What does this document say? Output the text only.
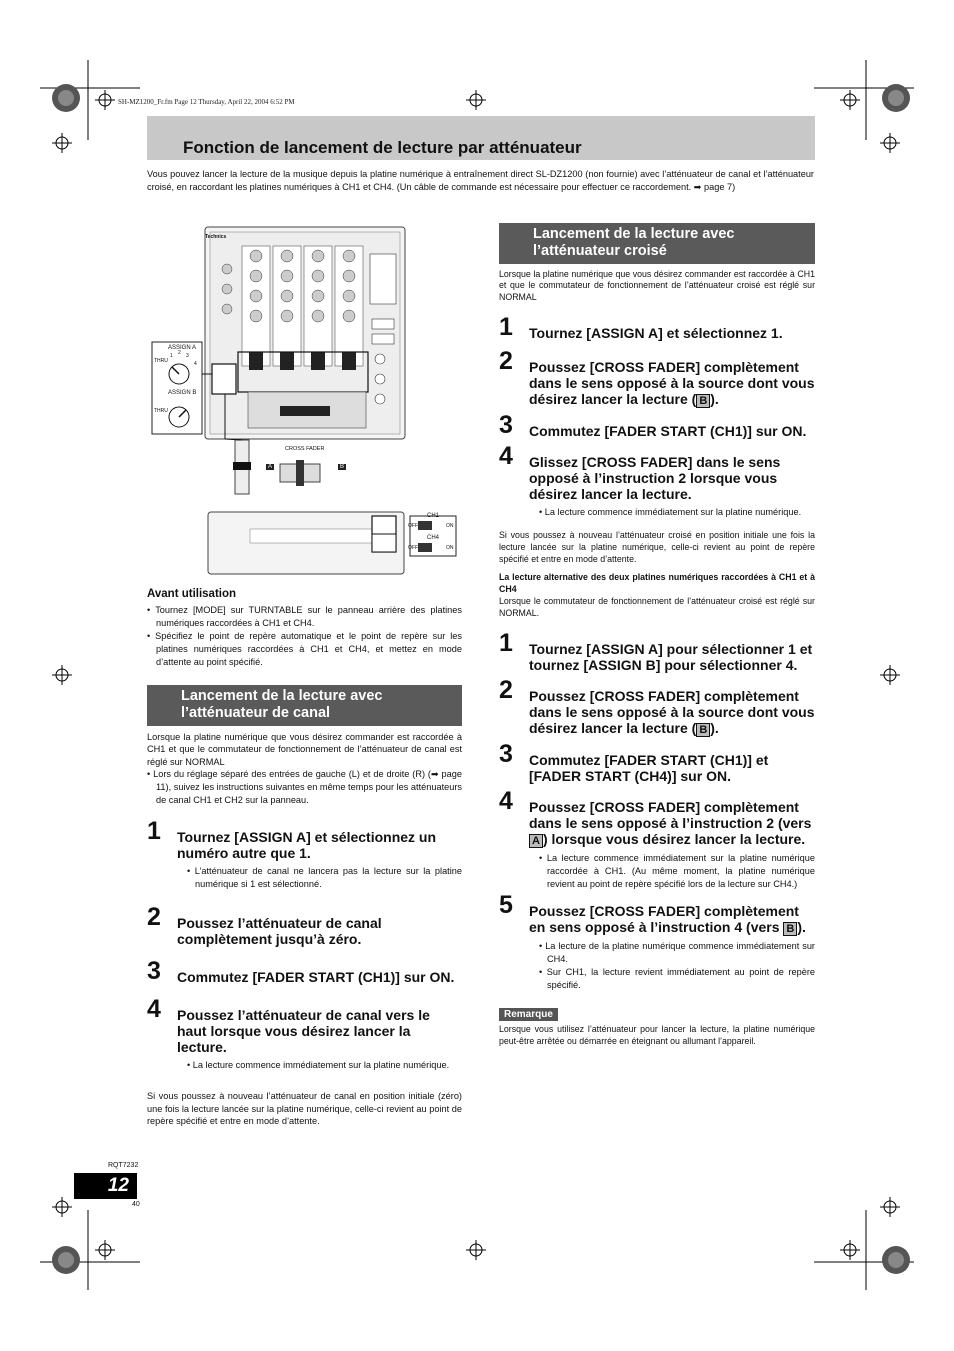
SH-MZ1200_Fr.fm Page 12 Thursday, April 22, 2004 6:52 PM
Fonction de lancement de lecture par atténuateur
Vous pouvez lancer la lecture de la musique depuis la platine numérique à entraînement direct SL-DZ1200 (non fournie) avec l’atténuateur de canal et l’atténuateur croisé, en raccordant les platines numériques à CH1 et CH4. (Un câble de commande est nécessaire pour effectuer ce raccordement. ➡ page 7)
Technics
ASSIGN A
ASSIGN B
THRU
THRU
1 2 3
4
CROSS FADER
A	B
CH1
CH4
OFF	ON
OFF	ON
Avant utilisation
• Tournez [MODE] sur TURNTABLE sur le panneau arrière des platines numériques raccordées à CH1 et CH4.
• Spécifiez le point de repère automatique et le point de repère sur les platines numériques raccordées à CH1 et CH4, et mettez en mode d’attente au point spécifié.
Lancement de la lecture avec
l’atténuateur de canal
Lorsque la platine numérique que vous désirez commander est raccordée à CH1 et que le commutateur de fonctionnement de l’atténuateur de canal est réglé sur NORMAL
• Lors du réglage séparé des entrées de gauche (L) et de droite (R) (➡ page 11), suivez les instructions suivantes en même temps pour les atténuateurs de canal CH1 et CH2 sur la panneau.
1 Tournez [ASSIGN A] et sélectionnez un numéro autre que 1.
• L’atténuateur de canal ne lancera pas la lecture sur la platine numérique si 1 est sélectionné.
2 Poussez l’atténuateur de canal complètement jusqu’à zéro.
3 Commutez [FADER START (CH1)] sur ON.
4 Poussez l’atténuateur de canal vers le haut lorsque vous désirez lancer la lecture.
• La lecture commence immédiatement sur la platine numérique.
Si vous poussez à nouveau l’atténuateur de canal en position initiale (zéro) une fois la lecture lancée sur la platine numérique, celle-ci revient au point de repère spécifié et entre en mode d’attente.
Lancement de la lecture avec
l’atténuateur croisé
Lorsque la platine numérique que vous désirez commander est raccordée à CH1 et que le commutateur de fonctionnement de l’atténuateur croisé est réglé sur NORMAL
1 Tournez [ASSIGN A] et sélectionnez 1.
2 Poussez [CROSS FADER] complètement dans le sens opposé à la source dont vous désirez lancer la lecture ( B ).
3 Commutez [FADER START (CH1)] sur ON.
4 Glissez [CROSS FADER] dans le sens opposé à l’instruction 2 lorsque vous désirez lancer la lecture.
• La lecture commence immédiatement sur la platine numérique.
Si vous poussez à nouveau l’atténuateur croisé en position initiale une fois la lecture lancée sur la platine numérique, celle-ci revient au point de repère spécifié et entre en mode d’attente.
La lecture alternative des deux platines numériques raccordées à CH1 et à CH4
Lorsque le commutateur de fonctionnement de l’atténuateur croisé est réglé sur NORMAL.
1 Tournez [ASSIGN A] pour sélectionner 1 et tournez [ASSIGN B] pour sélectionner 4.
2 Poussez [CROSS FADER] complètement dans le sens opposé à la source dont vous désirez lancer la lecture ( B ).
3 Commutez [FADER START (CH1)] et [FADER START (CH4)] sur ON.
4 Poussez [CROSS FADER] complètement dans le sens opposé à l’instruction 2 (vers A ) lorsque vous désirez lancer la lecture.
• La lecture commence immédiatement sur la platine numérique raccordée à CH1. (Au même moment, la platine numérique revient au point de repère spécifié lors de la lecture sur CH4.)
5 Poussez [CROSS FADER] complètement en sens opposé à l’instruction 4 (vers B ).
• La lecture de la platine numérique commence immédiatement sur CH4.
• Sur CH1, la lecture revient immédiatement au point de repère spécifié.
Remarque
Lorsque vous utilisez l’atténuateur pour lancer la lecture, la platine numérique peut-être arrêtée ou démarrée en éteignant ou allumant l’appareil.
RQT7232
12
40
